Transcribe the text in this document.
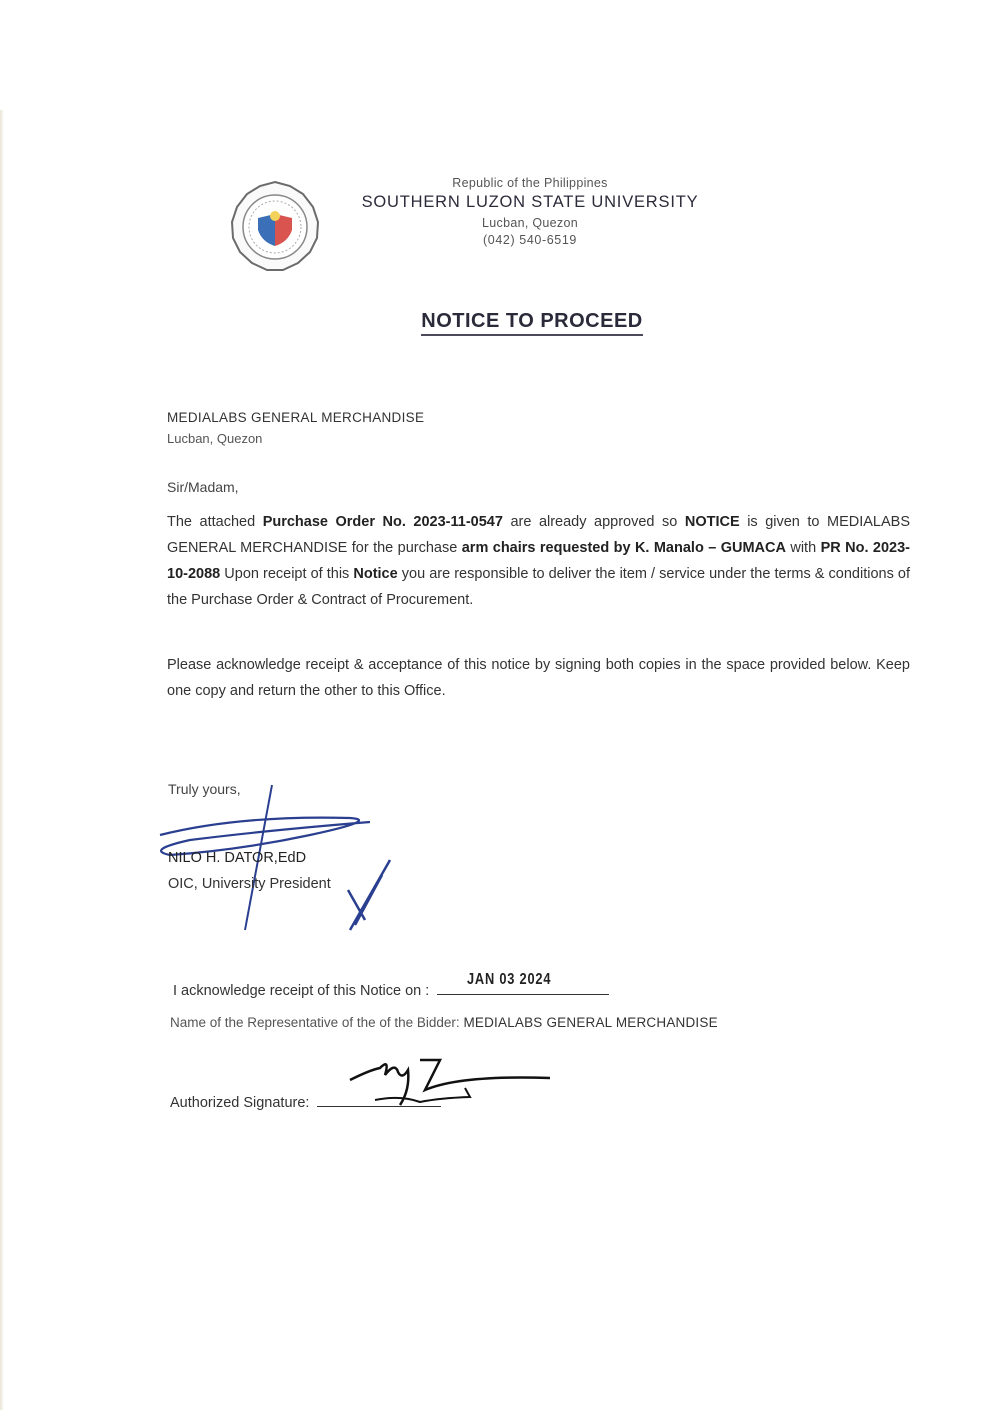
Republic of the Philippines
SOUTHERN LUZON STATE UNIVERSITY
Lucban, Quezon
(042) 540-6519
NOTICE TO PROCEED
MEDIALABS GENERAL MERCHANDISE
Lucban, Quezon
Sir/Madam,
The attached Purchase Order No. 2023-11-0547 are already approved so NOTICE is given to MEDIALABS GENERAL MERCHANDISE for the purchase arm chairs requested by K. Manalo – GUMACA with PR No. 2023-10-2088 Upon receipt of this Notice you are responsible to deliver the item / service under the terms & conditions of the Purchase Order & Contract of Procurement.
Please acknowledge receipt & acceptance of this notice by signing both copies in the space provided below. Keep one copy and return the other to this Office.
Truly yours,
NILO H. DATOR,EdD
OIC, University President
I acknowledge receipt of this Notice on :
JAN 03 2024
Name of the Representative of the of the Bidder: MEDIALABS GENERAL MERCHANDISE
Authorized Signature:
